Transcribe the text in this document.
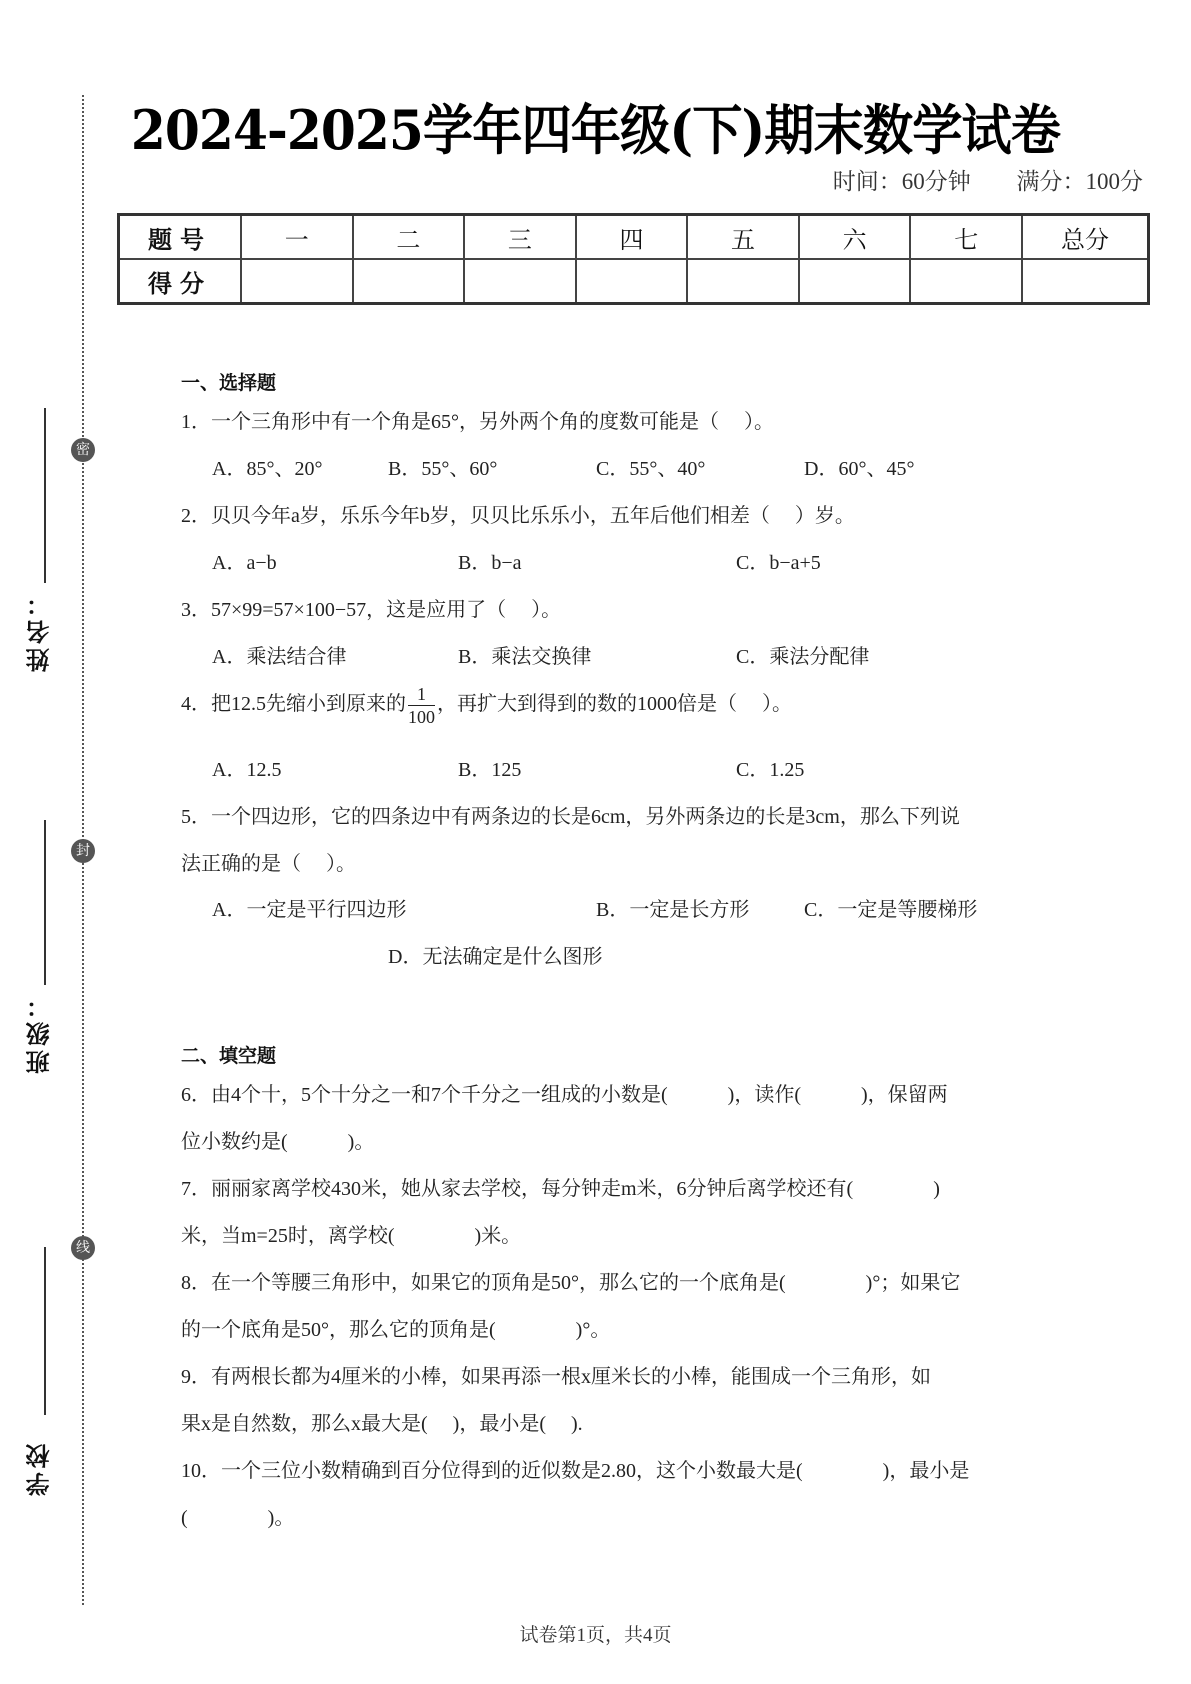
2024-2025学年四年级(下)期末数学试卷
时间：60分钟 满分：100分
题号	一	二	三	四	五	六	七	总分
得分								
密
封
线
姓名：
班级：
学校
一、选择题
1．一个三角形中有一个角是65°，另外两个角的度数可能是（　 ）。
A．85°、20°	B．55°、60°	C．55°、40°	D．60°、45°
2．贝贝今年a岁，乐乐今年b岁，贝贝比乐乐小，五年后他们相差（　 ）岁。
A．a−b	B．b−a	C．b−a+5
3．57×99=57×100−57，这是应用了（　 ）。
A．乘法结合律	B．乘法交换律	C．乘法分配律
4．把12.5先缩小到原来的 $\frac{1}{100}$ ，再扩大到得到的数的1000倍是（　 ）。
A．12.5	B．125	C．1.25
5．一个四边形，它的四条边中有两条边的长是6cm，另外两条边的长是3cm，那么下列说
法正确的是（　 ）。
A．一定是平行四边形	B．一定是长方形	C．一定是等腰梯形
D．无法确定是什么图形
二、填空题
6．由4个十，5个十分之一和7个千分之一组成的小数是(　　　)，读作(　　　)，保留两
位小数约是(　　　)。
7．丽丽家离学校430米，她从家去学校，每分钟走m米，6分钟后离学校还有(　　　　)
米，当m=25时，离学校(　　　　)米。
8．在一个等腰三角形中，如果它的顶角是50°，那么它的一个底角是(　　　　)°；如果它
的一个底角是50°，那么它的顶角是(　　　　)°。
9．有两根长都为4厘米的小棒，如果再添一根x厘米长的小棒，能围成一个三角形，如
果x是自然数，那么x最大是(　 )，最小是(　 ).
10．一个三位小数精确到百分位得到的近似数是2.80，这个小数最大是(　　　　)，最小是
(　　　　)。
试卷第1页，共4页
